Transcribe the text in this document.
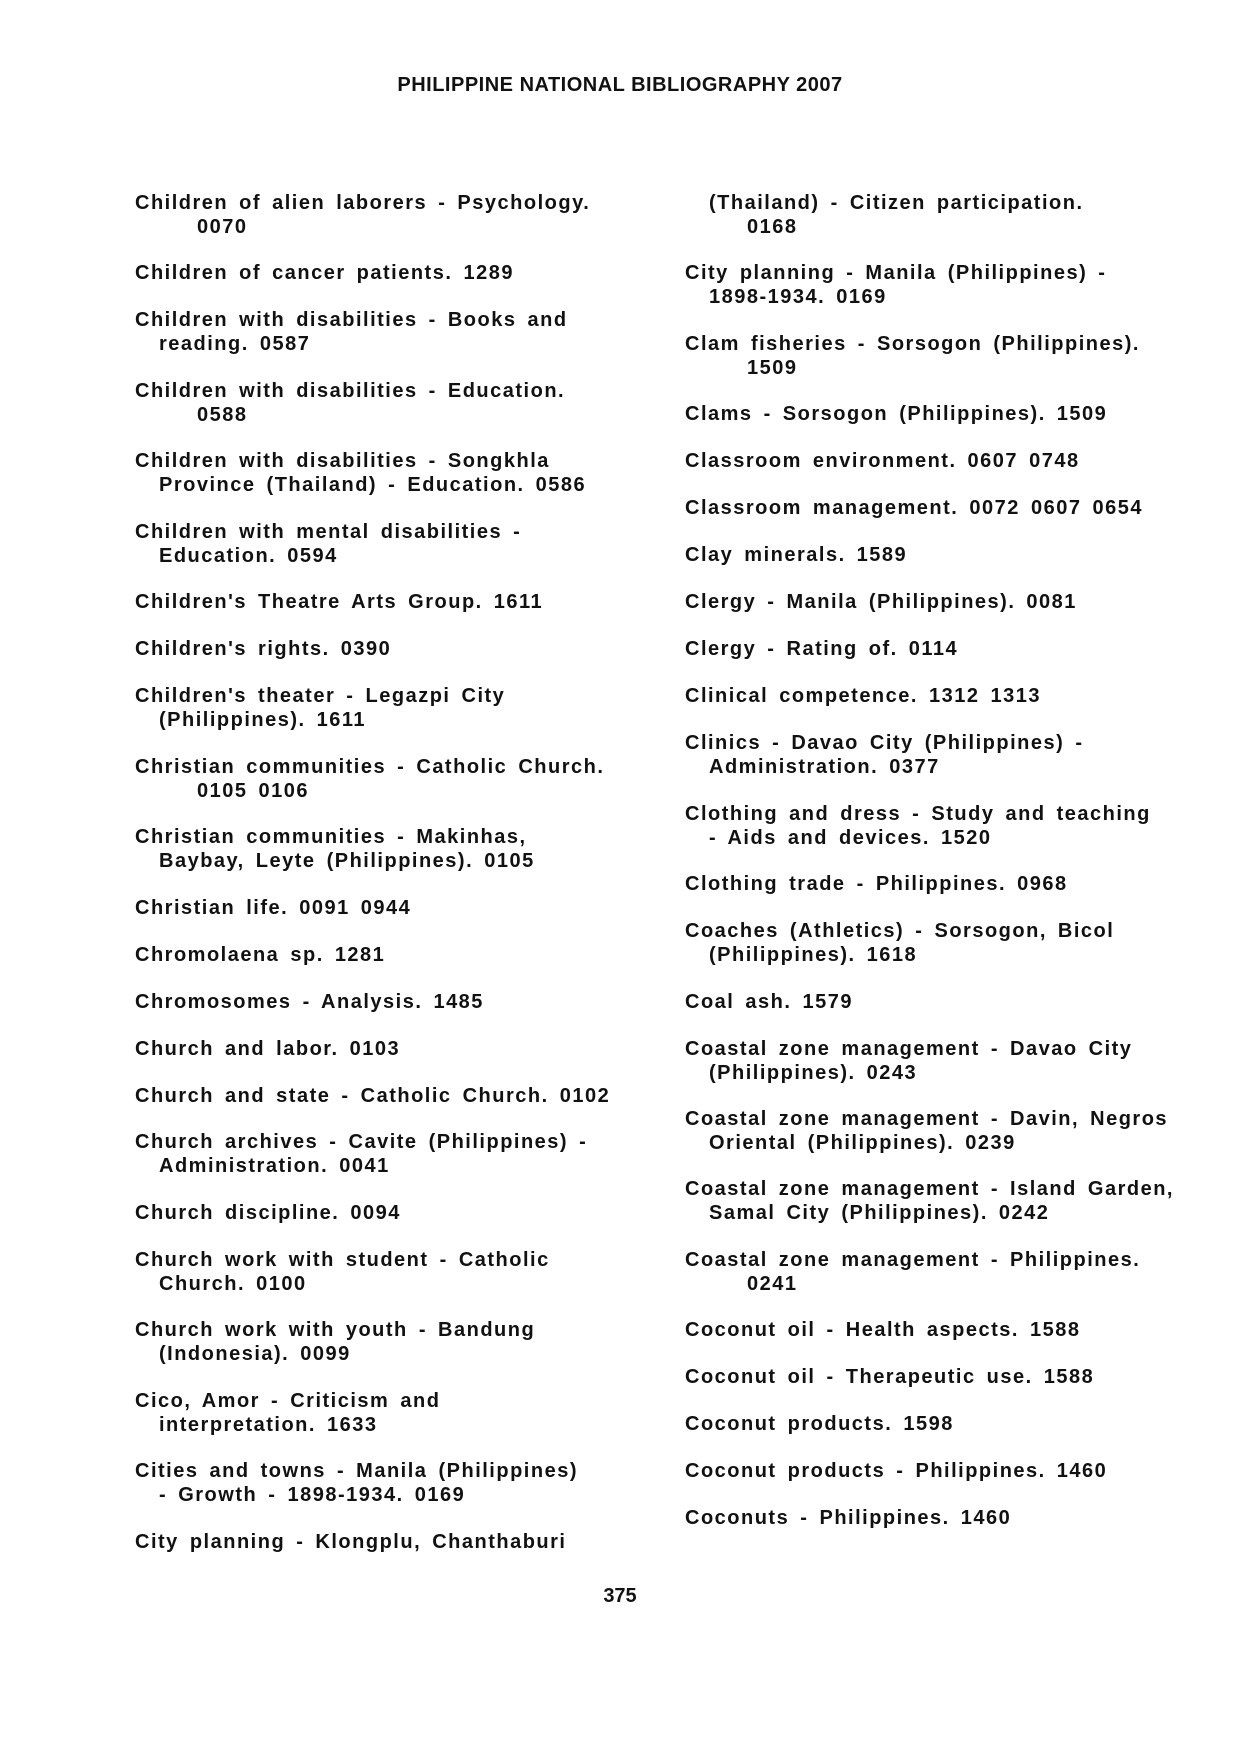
PHILIPPINE NATIONAL BIBLIOGRAPHY 2007
Children of alien laborers - Psychology.
0070
Children of cancer patients. 1289
Children with disabilities - Books and
reading. 0587
Children with disabilities - Education.
0588
Children with disabilities - Songkhla
Province (Thailand) - Education. 0586
Children with mental disabilities -
Education. 0594
Children's Theatre Arts Group. 1611
Children's rights. 0390
Children's theater - Legazpi City
(Philippines). 1611
Christian communities - Catholic Church.
0105 0106
Christian communities - Makinhas,
Baybay, Leyte (Philippines). 0105
Christian life. 0091 0944
Chromolaena sp. 1281
Chromosomes - Analysis. 1485
Church and labor. 0103
Church and state - Catholic Church. 0102
Church archives - Cavite (Philippines) -
Administration. 0041
Church discipline. 0094
Church work with student - Catholic
Church. 0100
Church work with youth - Bandung
(Indonesia). 0099
Cico, Amor - Criticism and
interpretation. 1633
Cities and towns - Manila (Philippines)
- Growth - 1898-1934. 0169
City planning - Klongplu, Chanthaburi
(Thailand) - Citizen participation.
0168
City planning - Manila (Philippines) -
1898-1934. 0169
Clam fisheries - Sorsogon (Philippines).
1509
Clams - Sorsogon (Philippines). 1509
Classroom environment. 0607 0748
Classroom management. 0072 0607 0654
Clay minerals. 1589
Clergy - Manila (Philippines). 0081
Clergy - Rating of. 0114
Clinical competence. 1312 1313
Clinics - Davao City (Philippines) -
Administration. 0377
Clothing and dress - Study and teaching
- Aids and devices. 1520
Clothing trade - Philippines. 0968
Coaches (Athletics) - Sorsogon, Bicol
(Philippines). 1618
Coal ash. 1579
Coastal zone management - Davao City
(Philippines). 0243
Coastal zone management - Davin, Negros
Oriental (Philippines). 0239
Coastal zone management - Island Garden,
Samal City (Philippines). 0242
Coastal zone management - Philippines.
0241
Coconut oil - Health aspects. 1588
Coconut oil - Therapeutic use. 1588
Coconut products. 1598
Coconut products - Philippines. 1460
Coconuts - Philippines. 1460
375
